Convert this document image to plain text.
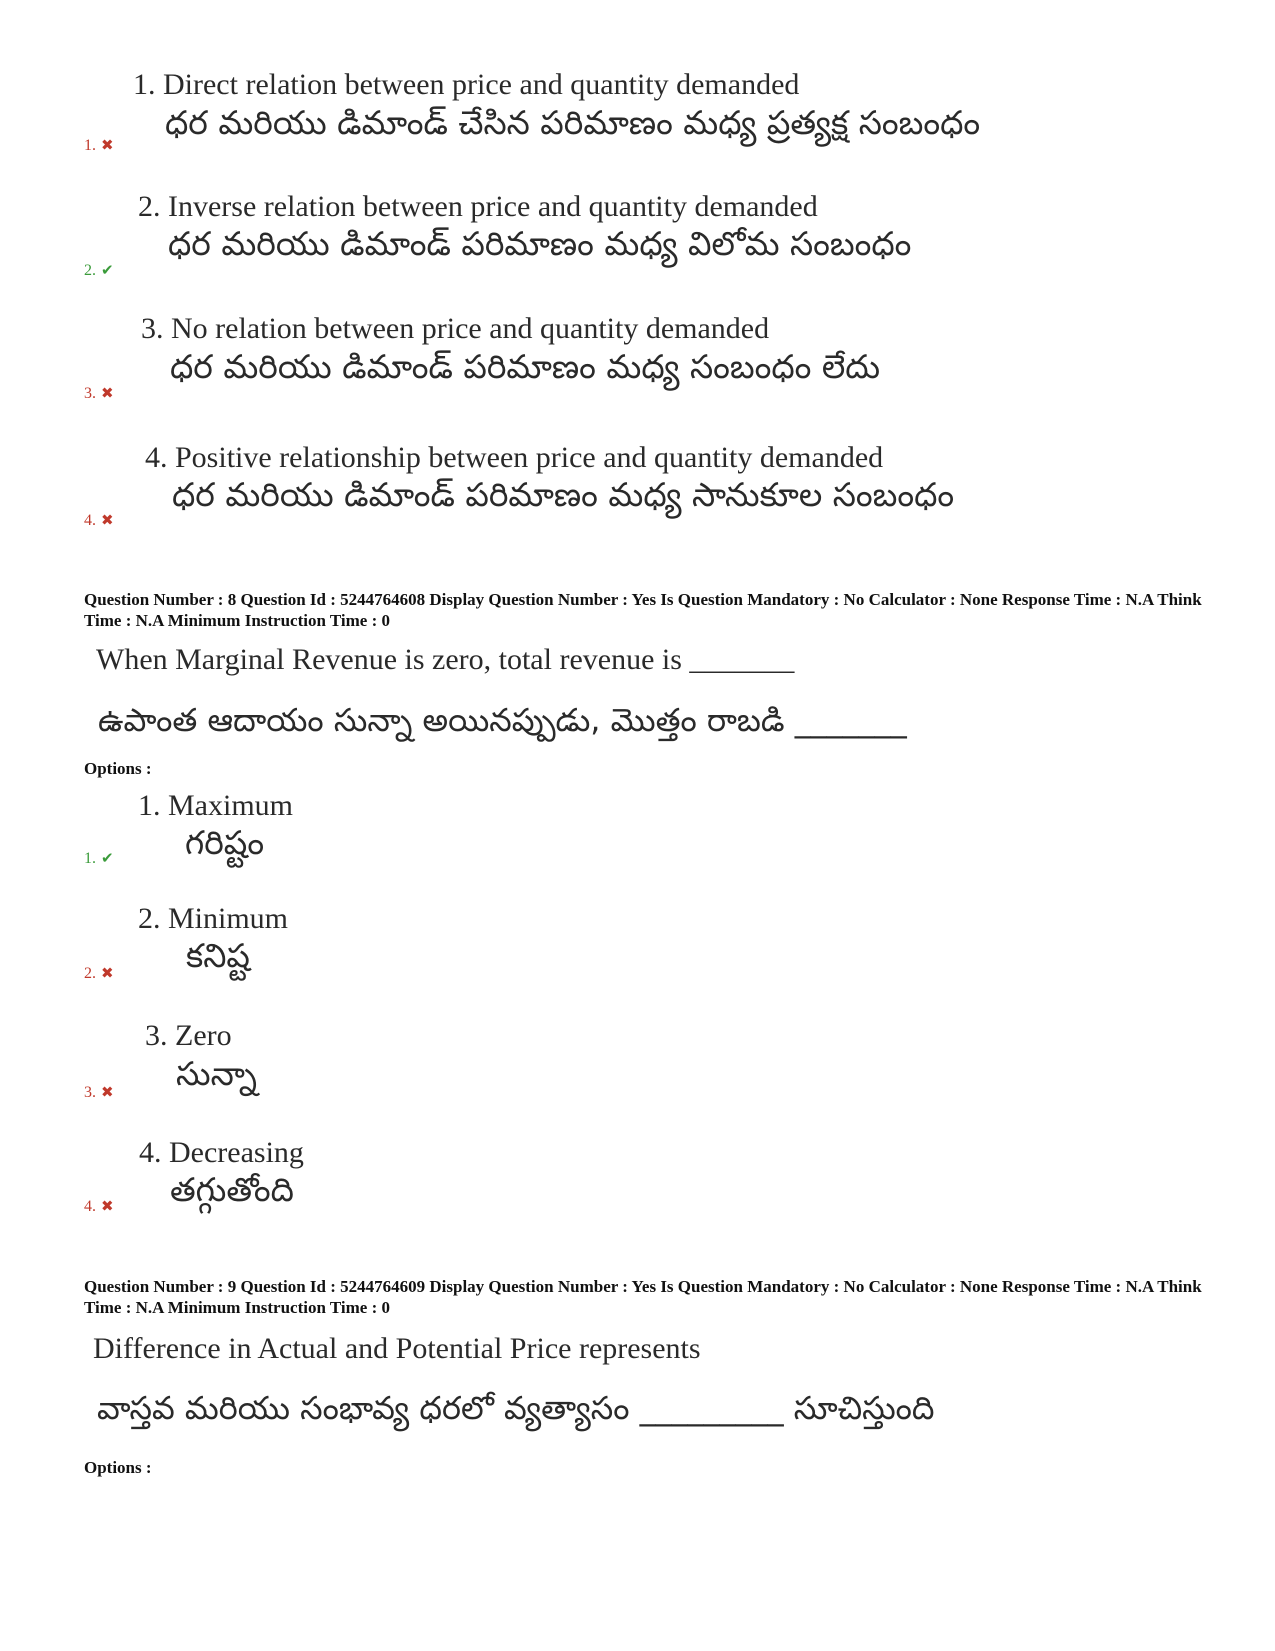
1. Direct relation between price and quantity demanded
ధర మరియు డిమాండ్ చేసిన పరిమాణం మధ్య ప్రత్యక్ష సంబంధం
1. ✖
2. Inverse relation between price and quantity demanded
ధర మరియు డిమాండ్ పరిమాణం మధ్య విలోమ సంబంధం
2. ✔
3. No relation between price and quantity demanded
ధర మరియు డిమాండ్ పరిమాణం మధ్య సంబంధం లేదు
3. ✖
4. Positive relationship between price and quantity demanded
ధర మరియు డిమాండ్ పరిమాణం మధ్య సానుకూల సంబంధం
4. ✖
Question Number : 8 Question Id : 5244764608 Display Question Number : Yes Is Question Mandatory : No Calculator : None Response Time : N.A Think Time : N.A Minimum Instruction Time : 0
When Marginal Revenue is zero, total revenue is _______
ఉపాంత ఆదాయం సున్నా అయినప్పుడు, మొత్తం రాబడి _______
Options :
1. Maximum
గరిష్టం
1. ✔
2. Minimum
కనిష్ట
2. ✖
3. Zero
సున్నా
3. ✖
4. Decreasing
తగ్గుతోంది
4. ✖
Question Number : 9 Question Id : 5244764609 Display Question Number : Yes Is Question Mandatory : No Calculator : None Response Time : N.A Think Time : N.A Minimum Instruction Time : 0
Difference in Actual and Potential Price represents
వాస్తవ మరియు సంభావ్య ధరలో వ్యత్యాసం _________ సూచిస్తుంది
Options :
